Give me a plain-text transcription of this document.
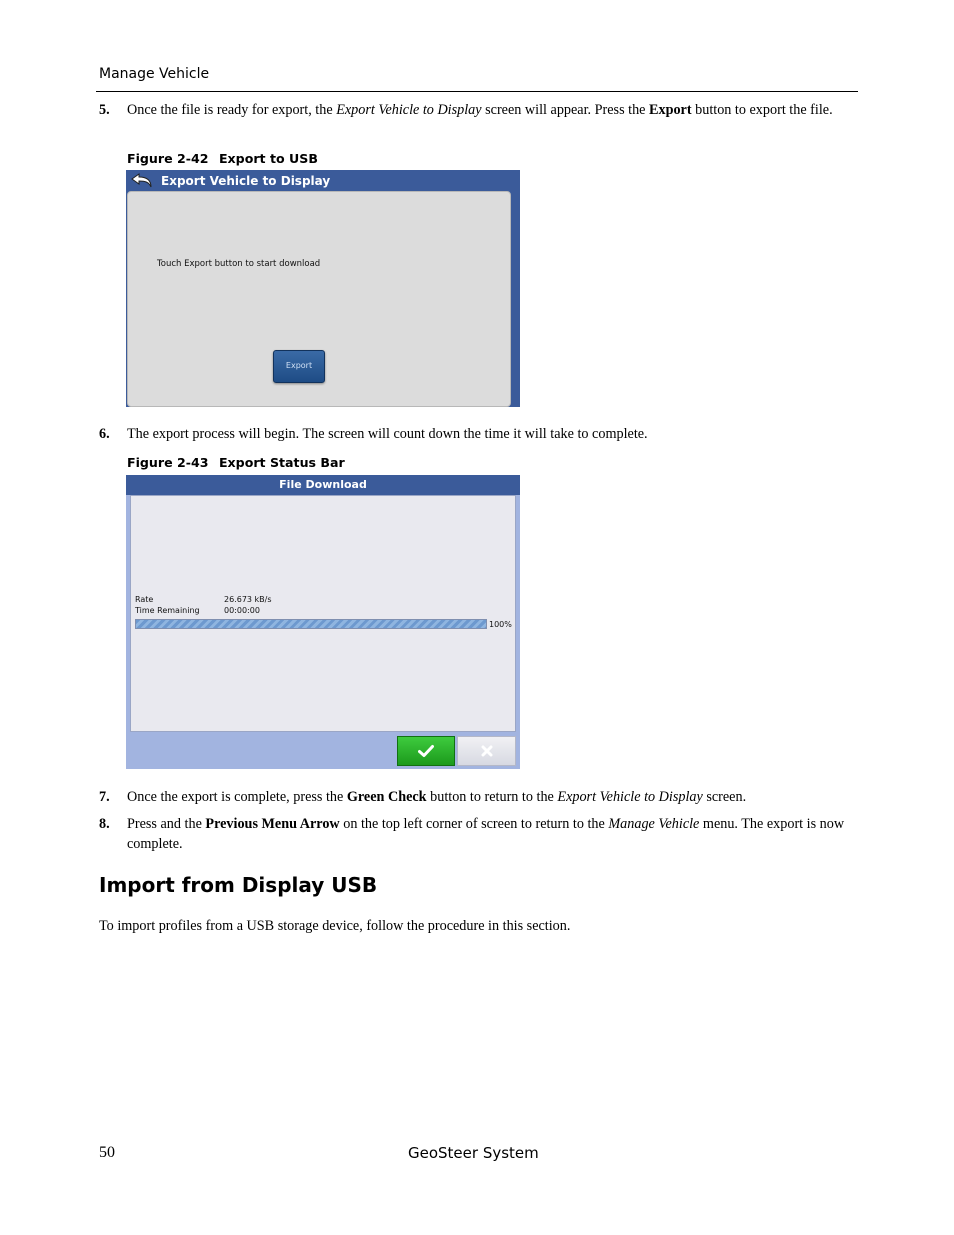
Manage Vehicle
5. Once the file is ready for export, the Export Vehicle to Display screen will appear. Press the Export button to export the file.
Figure 2-42 Export to USB
Export Vehicle to Display
Touch Export button to start download
Export
6. The export process will begin. The screen will count down the time it will take to complete.
Figure 2-43 Export Status Bar
File Download
Rate	26.673 kB/s
Time Remaining	00:00:00
100%
7. Once the export is complete, press the Green Check button to return to the Export Vehicle to Display screen.
8. Press and the Previous Menu Arrow on the top left corner of screen to return to the Manage Vehicle menu. The export is now complete.
Import from Display USB
To import profiles from a USB storage device, follow the procedure in this section.
50	GeoSteer System
